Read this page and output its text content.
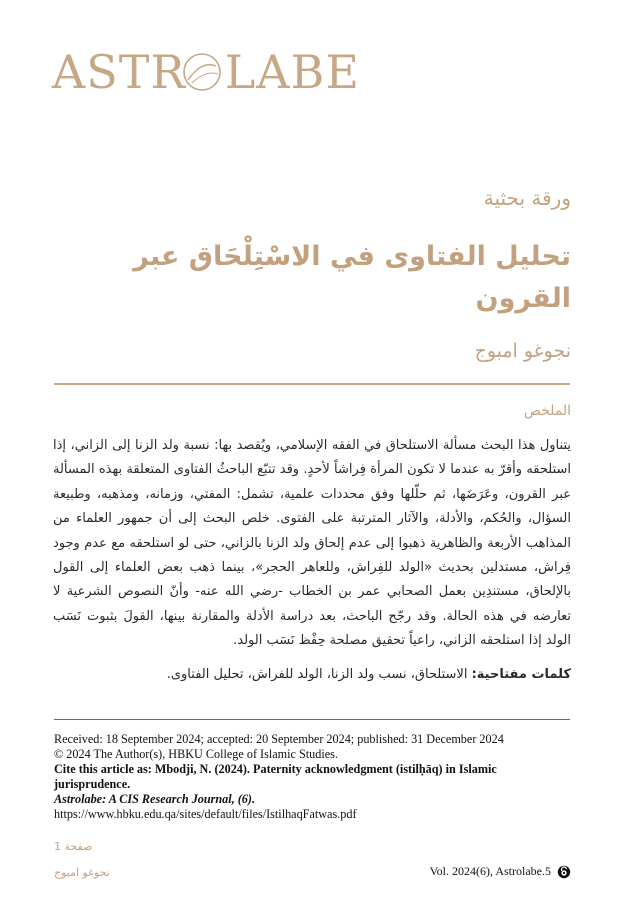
ASTR LABE
ورقة بحثية
تحليل الفتاوى في الاسْتِلْحَاق عبر القرون
نجوغو امبوج
الملخص
يتناول هذا البحث مسألة الاستلحاق في الفقه الإسلامي، ويُقصد بها: نسبة ولد الزنا إلى الزاني، إذا استلحقه وأقرّ به عندما لا تكون المرأة فِراشاً لأحدٍ. وقد تتبّع الباحثُ الفتاوى المتعلقة بهذه المسألة عبر القرون، وعَرَضَها، ثم حلّلها وفق محددات علمية، تشمل: المفتي، وزمانه، ومذهبه، وطبيعة السؤال، والحُكم، والأدلة، والآثار المترتبة على الفتوى. خلص البحث إلى أن جمهور العلماء من المذاهب الأربعة والظاهرية ذهبوا إلى عدم إلحاق ولد الزنا بالزاني، حتى لو استلحقه مع عدم وجود فِراش، مستدلين بحديث «الولد للفِراش، وللعاهر الحجر»، بينما ذهب بعض العلماء إلى القول بالإلحاق، مستندِين بعمل الصحابي عمر بن الخطاب -رضي الله عنه- وأنّ النصوص الشرعية لا تعارضه في هذه الحالة. وقد رجّح الباحث، بعد دراسة الأدلة والمقارنة بينها، القولَ بثبوت نَسَب الولد إذا استلحقه الزاني، راعياً تحقيق مصلحة حِفْظ نَسَب الولد.
كلمات مفتاحية: الاستلحاق، نسب ولد الزنا، الولد للفراش، تحليل الفتاوى.
Received: 18 September 2024; accepted: 20 September 2024; published: 31 December 2024
© 2024 The Author(s), HBKU College of Islamic Studies.
Cite this article as: Mbodji, N. (2024). Paternity acknowledgment (istilḥāq) in Islamic jurisprudence.
Astrolabe: A CIS Research Journal, (6).
https://www.hbku.edu.qa/sites/default/files/IstilhaqFatwas.pdf
صفحة 1
نجوغو امبوج	Vol. 2024(6), Astrolabe.5
